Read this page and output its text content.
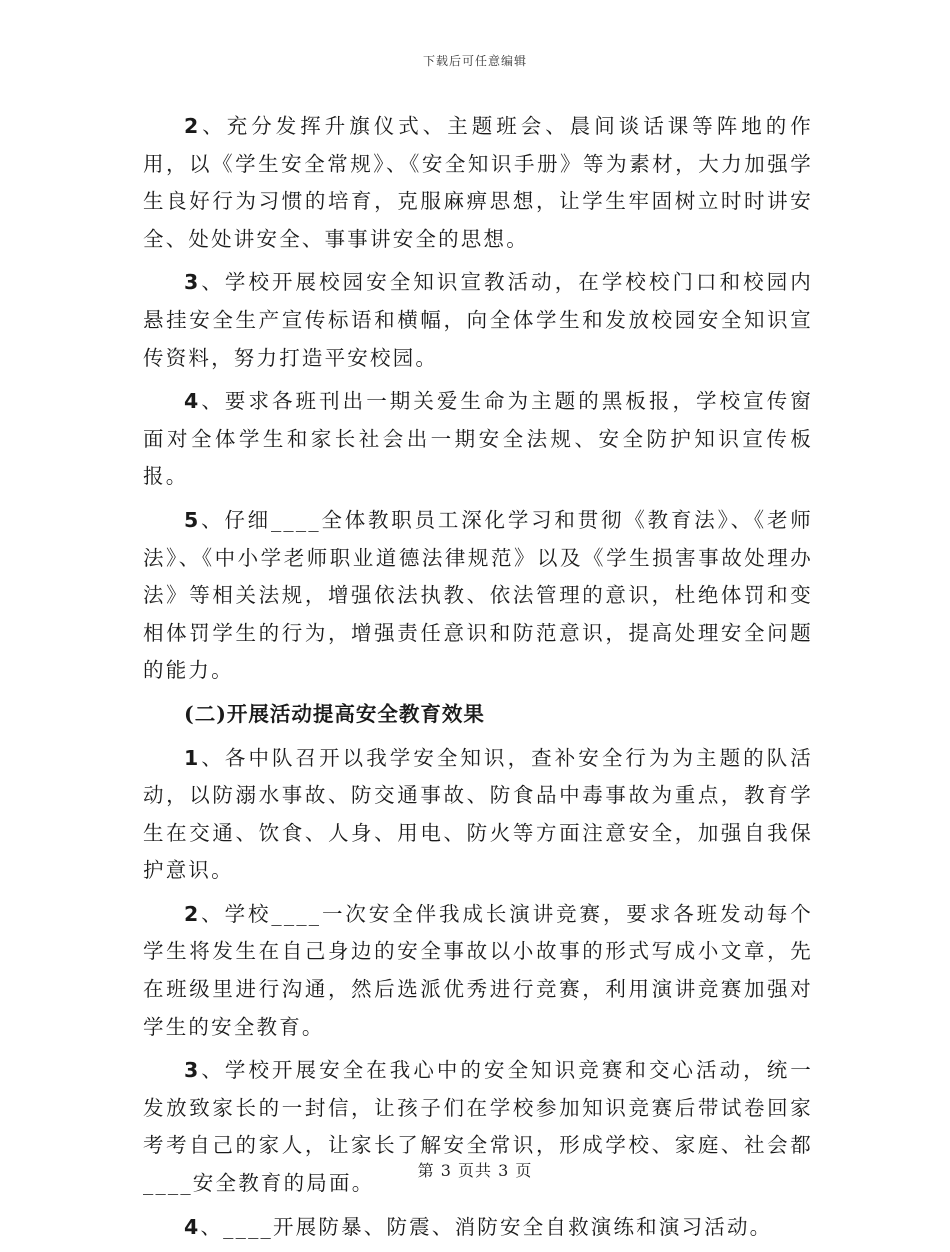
下载后可任意编辑

2、充分发挥升旗仪式、主题班会、晨间谈话课等阵地的作用，以《学生安全常规》、《安全知识手册》等为素材，大力加强学生良好行为习惯的培育，克服麻痹思想，让学生牢固树立时时讲安全、处处讲安全、事事讲安全的思想。

3、学校开展校园安全知识宣教活动，在学校校门口和校园内悬挂安全生产宣传标语和横幅，向全体学生和发放校园安全知识宣传资料，努力打造平安校园。

4、要求各班刊出一期关爱生命为主题的黑板报，学校宣传窗面对全体学生和家长社会出一期安全法规、安全防护知识宣传板报。

5、仔细____全体教职员工深化学习和贯彻《教育法》、《老师法》、《中小学老师职业道德法律规范》以及《学生损害事故处理办法》等相关法规，增强依法执教、依法管理的意识，杜绝体罚和变相体罚学生的行为，增强责任意识和防范意识，提高处理安全问题的能力。

(二)开展活动提高安全教育效果

1、各中队召开以我学安全知识，查补安全行为为主题的队活动，以防溺水事故、防交通事故、防食品中毒事故为重点，教育学生在交通、饮食、人身、用电、防火等方面注意安全，加强自我保护意识。

2、学校____一次安全伴我成长演讲竞赛，要求各班发动每个学生将发生在自己身边的安全事故以小故事的形式写成小文章，先在班级里进行沟通，然后选派优秀进行竞赛，利用演讲竞赛加强对学生的安全教育。

3、学校开展安全在我心中的安全知识竞赛和交心活动，统一发放致家长的一封信，让孩子们在学校参加知识竞赛后带试卷回家考考自己的家人，让家长了解安全常识，形成学校、家庭、社会都____安全教育的局面。

4、____开展防暴、防震、消防安全自救演练和演习活动。

第 3 页共 3 页
